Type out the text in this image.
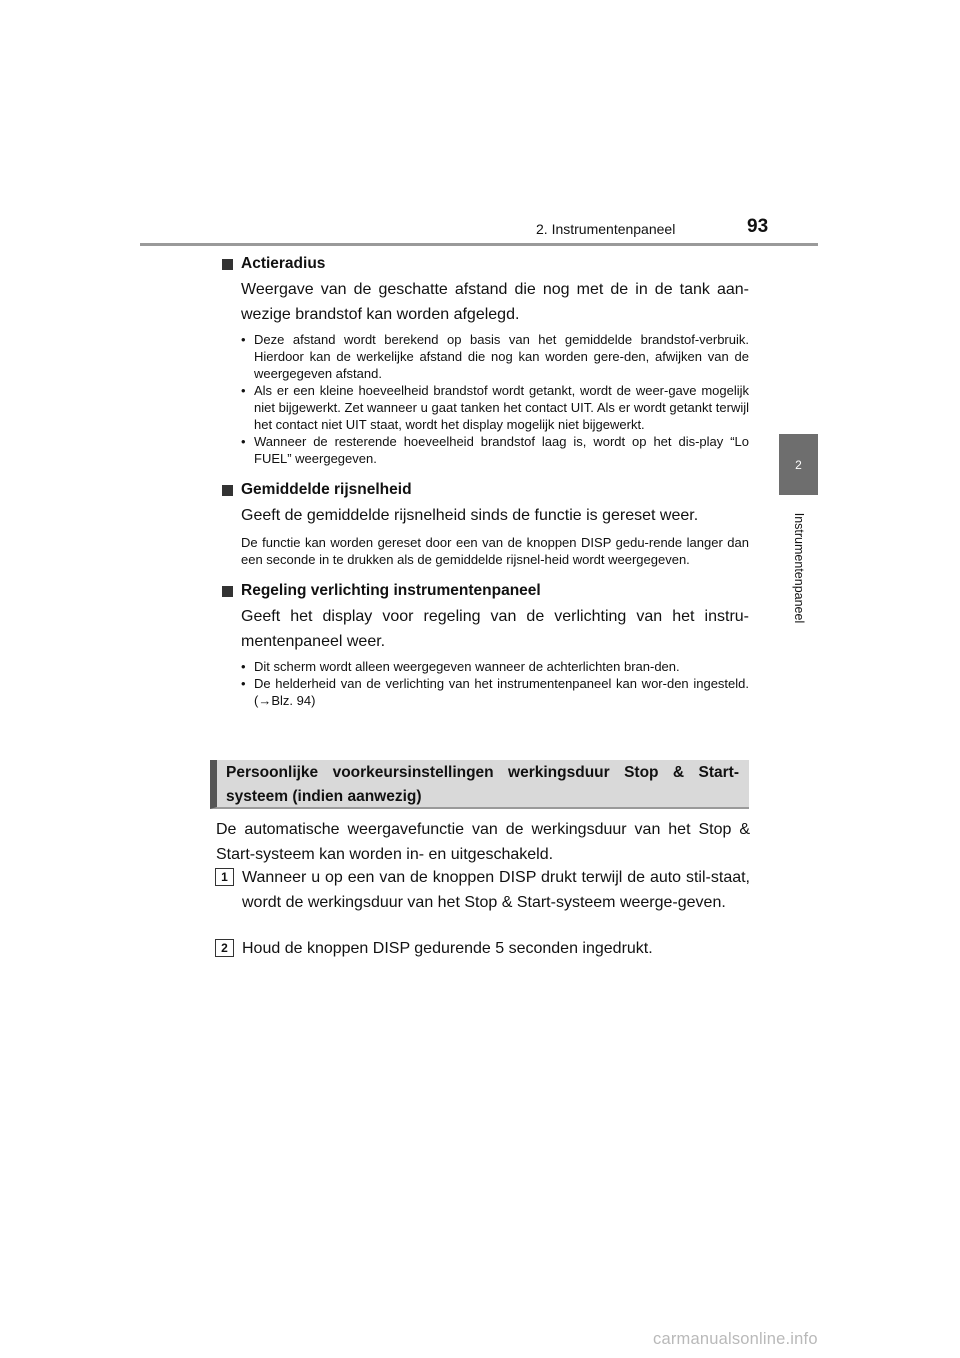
2. Instrumentenpaneel	93
2
Instrumentenpaneel
Actieradius

Weergave van de geschatte afstand die nog met de in de tank aan-wezige brandstof kan worden afgelegd.

• Deze afstand wordt berekend op basis van het gemiddelde brandstof-verbruik. Hierdoor kan de werkelijke afstand die nog kan worden gere-den, afwijken van de weergegeven afstand.
• Als er een kleine hoeveelheid brandstof wordt getankt, wordt de weer-gave mogelijk niet bijgewerkt. Zet wanneer u gaat tanken het contact UIT. Als er wordt getankt terwijl het contact niet UIT staat, wordt het display mogelijk niet bijgewerkt.
• Wanneer de resterende hoeveelheid brandstof laag is, wordt op het dis-play “Lo FUEL” weergegeven.
Gemiddelde rijsnelheid

Geeft de gemiddelde rijsnelheid sinds de functie is gereset weer.

De functie kan worden gereset door een van de knoppen DISP gedu-rende langer dan een seconde in te drukken als de gemiddelde rijsnel-heid wordt weergegeven.

Regeling verlichting instrumentenpaneel

Geeft het display voor regeling van de verlichting van het instru-mentenpaneel weer.

• Dit scherm wordt alleen weergegeven wanneer de achterlichten bran-den.
• De helderheid van de verlichting van het instrumentenpaneel kan wor-den ingesteld. (→Blz. 94)
Persoonlijke voorkeursinstellingen werkingsduur Stop & Start-systeem (indien aanwezig)
De automatische weergavefunctie van de werkingsduur van het Stop & Start-systeem kan worden in- en uitgeschakeld.
1 Wanneer u op een van de knoppen DISP drukt terwijl de auto stil-staat, wordt de werkingsduur van het Stop & Start-systeem weerge-geven.
2 Houd de knoppen DISP gedurende 5 seconden ingedrukt.
carmanualsonline.info
